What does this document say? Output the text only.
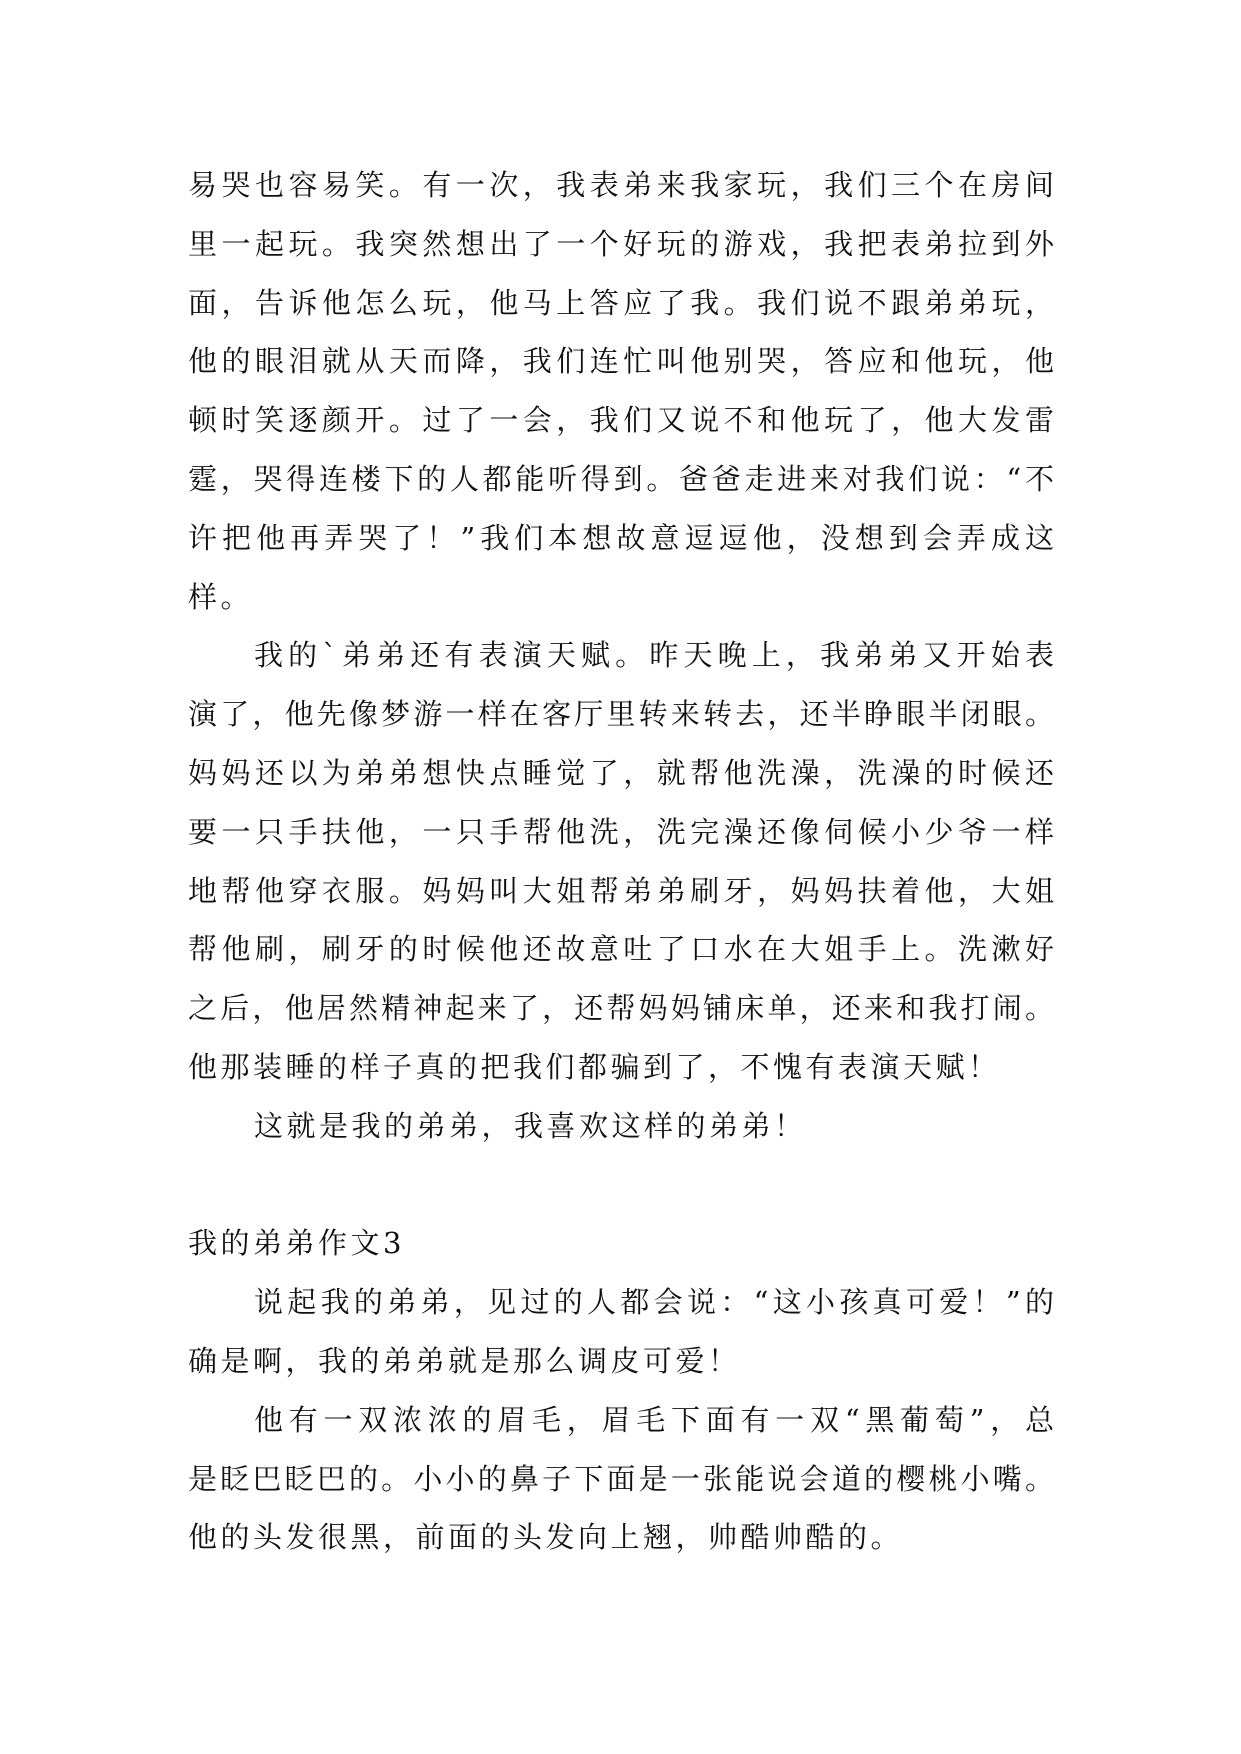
易哭也容易笑。有一次，我表弟来我家玩，我们三个在房间
里一起玩。我突然想出了一个好玩的游戏，我把表弟拉到外
面，告诉他怎么玩，他马上答应了我。我们说不跟弟弟玩，
他的眼泪就从天而降，我们连忙叫他别哭，答应和他玩，他
顿时笑逐颜开。过了一会，我们又说不和他玩了，他大发雷
霆，哭得连楼下的人都能听得到。爸爸走进来对我们说：“不
许把他再弄哭了！”我们本想故意逗逗他，没想到会弄成这
样。
我的`弟弟还有表演天赋。昨天晚上，我弟弟又开始表
演了，他先像梦游一样在客厅里转来转去，还半睁眼半闭眼。
妈妈还以为弟弟想快点睡觉了，就帮他洗澡，洗澡的时候还
要一只手扶他，一只手帮他洗，洗完澡还像伺候小少爷一样
地帮他穿衣服。妈妈叫大姐帮弟弟刷牙，妈妈扶着他，大姐
帮他刷，刷牙的时候他还故意吐了口水在大姐手上。洗漱好
之后，他居然精神起来了，还帮妈妈铺床单，还来和我打闹。
他那装睡的样子真的把我们都骗到了，不愧有表演天赋！
这就是我的弟弟，我喜欢这样的弟弟！
我的弟弟作文3
说起我的弟弟，见过的人都会说：“这小孩真可爱！”的
确是啊，我的弟弟就是那么调皮可爱！
他有一双浓浓的眉毛，眉毛下面有一双“黑葡萄”，总
是眨巴眨巴的。小小的鼻子下面是一张能说会道的樱桃小嘴。
他的头发很黑，前面的头发向上翘，帅酷帅酷的。
